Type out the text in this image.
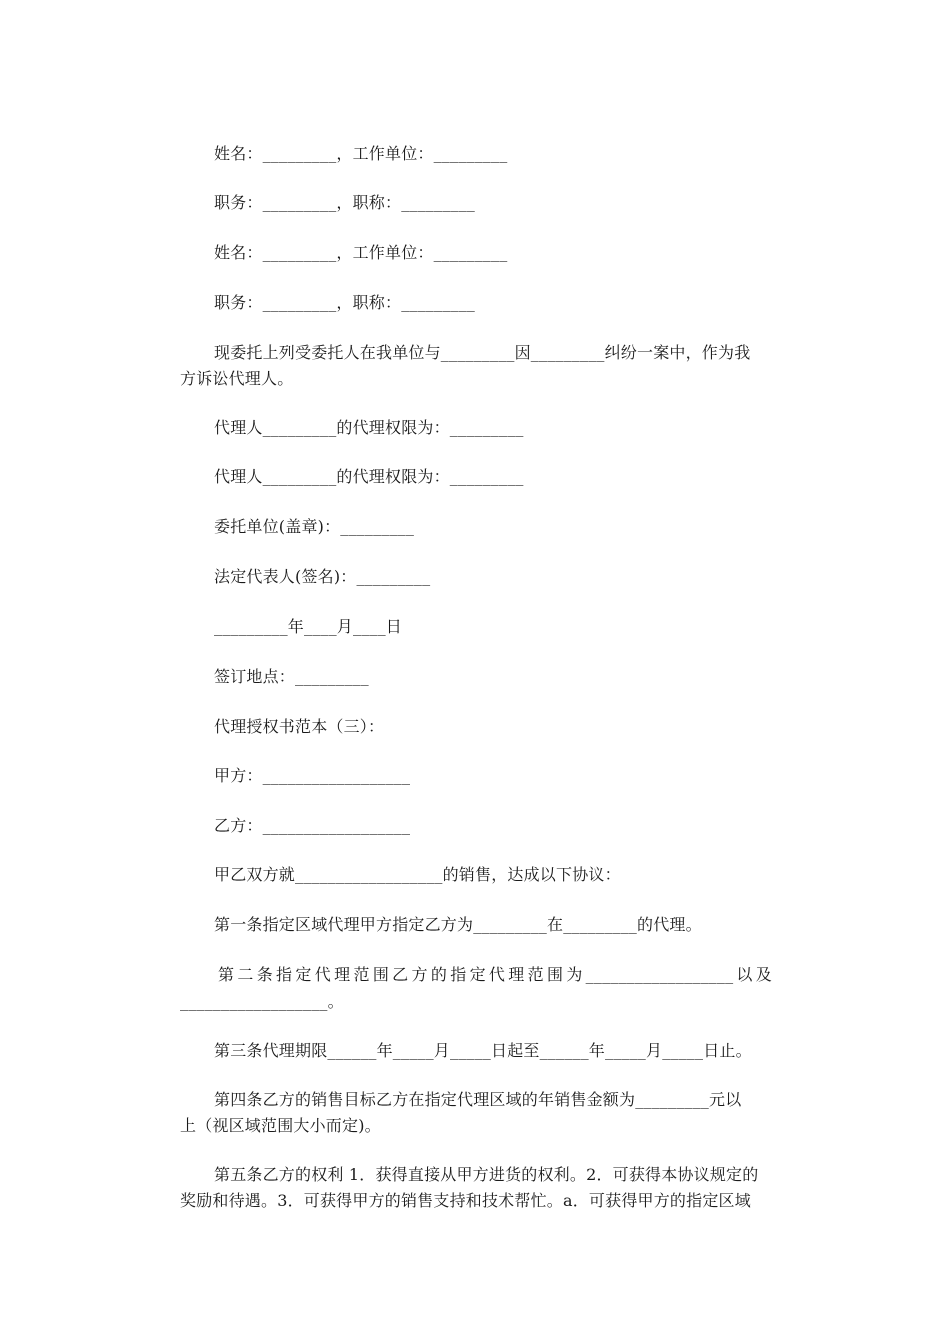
姓名：_________，工作单位：_________
职务：_________，职称：_________
姓名：_________，工作单位：_________
职务：_________，职称：_________
现委托上列受委托人在我单位与_________因_________纠纷一案中，作为我
方诉讼代理人。
代理人_________的代理权限为：_________
代理人_________的代理权限为：_________
委托单位(盖章)：_________
法定代表人(签名)：_________
_________年____月____日
签订地点：_________
代理授权书范本（三）：
甲方：__________________
乙方：__________________
甲乙双方就__________________的销售，达成以下协议：
第一条指定区域代理甲方指定乙方为_________在_________的代理。
第二条指定代理范围乙方的指定代理范围为__________________以及
__________________。
第三条代理期限______年_____月_____日起至______年_____月_____日止。
第四条乙方的销售目标乙方在指定代理区域的年销售金额为_________元以
上（视区域范围大小而定)。
第五条乙方的权利 1．获得直接从甲方进货的权利。2．可获得本协议规定的
奖励和待遇。3．可获得甲方的销售支持和技术帮忙。a．可获得甲方的指定区域
